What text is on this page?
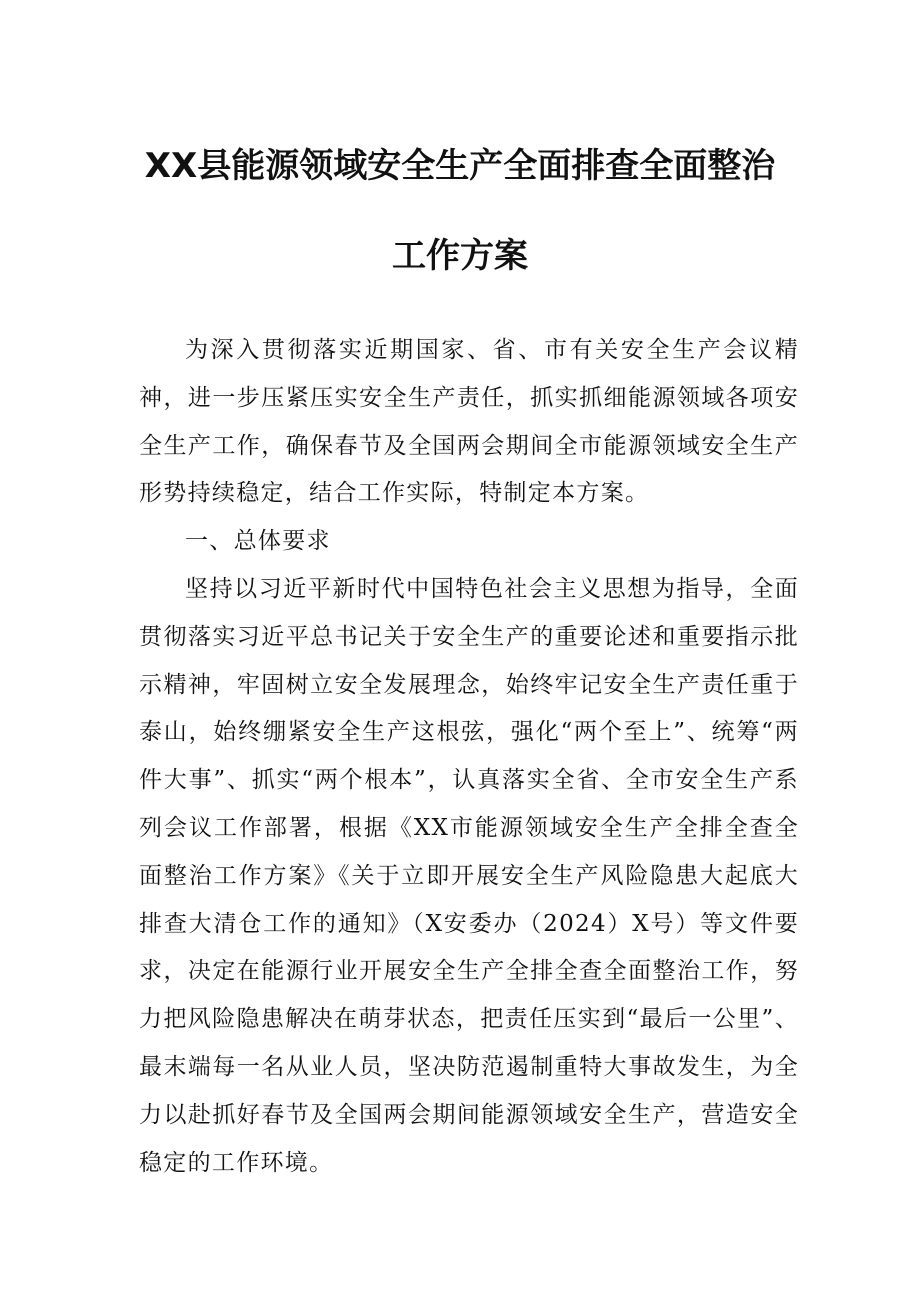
XX县能源领域安全生产全面排查全面整治
工作方案

为深入贯彻落实近期国家、省、市有关安全生产会议精神，进一步压紧压实安全生产责任，抓实抓细能源领域各项安全生产工作，确保春节及全国两会期间全市能源领域安全生产形势持续稳定，结合工作实际，特制定本方案。

一、总体要求

坚持以习近平新时代中国特色社会主义思想为指导，全面贯彻落实习近平总书记关于安全生产的重要论述和重要指示批示精神，牢固树立安全发展理念，始终牢记安全生产责任重于泰山，始终绷紧安全生产这根弦，强化“两个至上”、统筹“两件大事”、抓实“两个根本”，认真落实全省、全市安全生产系列会议工作部署，根据《XX市能源领域安全生产全排全查全面整治工作方案》《关于立即开展安全生产风险隐患大起底大排查大清仓工作的通知》（X安委办（2024）X号）等文件要求，决定在能源行业开展安全生产全排全查全面整治工作，努力把风险隐患解决在萌芽状态，把责任压实到“最后一公里”、最末端每一名从业人员，坚决防范遏制重特大事故发生，为全力以赴抓好春节及全国两会期间能源领域安全生产，营造安全稳定的工作环境。
